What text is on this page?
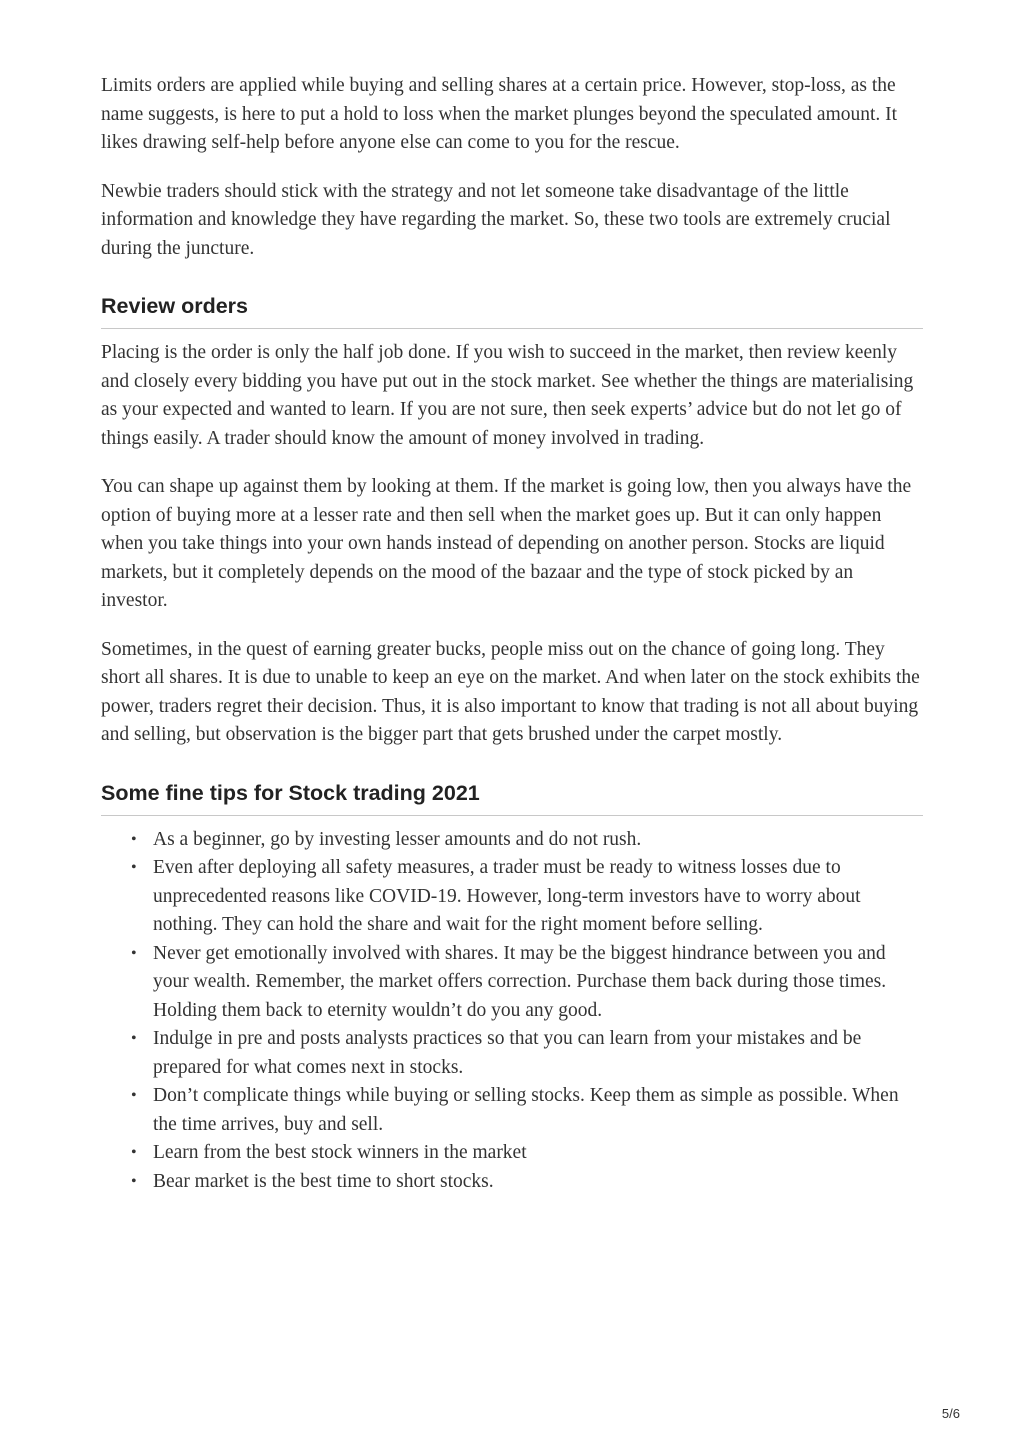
Limits orders are applied while buying and selling shares at a certain price. However, stop-loss, as the name suggests, is here to put a hold to loss when the market plunges beyond the speculated amount. It likes drawing self-help before anyone else can come to you for the rescue.

Newbie traders should stick with the strategy and not let someone take disadvantage of the little information and knowledge they have regarding the market. So, these two tools are extremely crucial during the juncture.

Review orders

Placing is the order is only the half job done. If you wish to succeed in the market, then review keenly and closely every bidding you have put out in the stock market. See whether the things are materialising as your expected and wanted to learn. If you are not sure, then seek experts’ advice but do not let go of things easily. A trader should know the amount of money involved in trading.

You can shape up against them by looking at them. If the market is going low, then you always have the option of buying more at a lesser rate and then sell when the market goes up. But it can only happen when you take things into your own hands instead of depending on another person. Stocks are liquid markets, but it completely depends on the mood of the bazaar and the type of stock picked by an investor.

Sometimes, in the quest of earning greater bucks, people miss out on the chance of going long. They short all shares. It is due to unable to keep an eye on the market. And when later on the stock exhibits the power, traders regret their decision. Thus, it is also important to know that trading is not all about buying and selling, but observation is the bigger part that gets brushed under the carpet mostly.

Some fine tips for Stock trading 2021
• As a beginner, go by investing lesser amounts and do not rush.
• Even after deploying all safety measures, a trader must be ready to witness losses due to unprecedented reasons like COVID-19. However, long-term investors have to worry about nothing. They can hold the share and wait for the right moment before selling.
• Never get emotionally involved with shares. It may be the biggest hindrance between you and your wealth. Remember, the market offers correction. Purchase them back during those times. Holding them back to eternity wouldn’t do you any good.
• Indulge in pre and posts analysts practices so that you can learn from your mistakes and be prepared for what comes next in stocks.
• Don’t complicate things while buying or selling stocks. Keep them as simple as possible. When the time arrives, buy and sell.
• Learn from the best stock winners in the market
• Bear market is the best time to short stocks.
5/6
